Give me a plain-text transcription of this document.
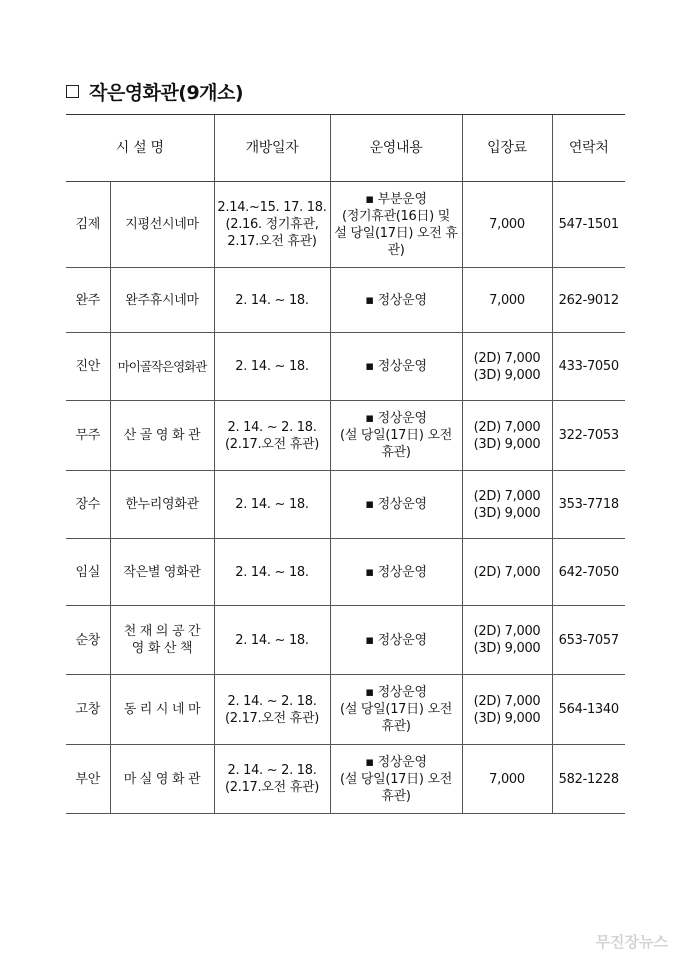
작은영화관(9개소)
시 설 명		개방일자	운영내용	입장료	연락처
김제	지평선시네마	2.14.~15. 17. 18.
(2.16. 정기휴관,
2.17.오전 휴관)	▪ 부분운영
(정기휴관(16日) 및
설 당일(17日) 오전 휴관)	7,000	547-1501
완주	완주휴시네마	2. 14. ~ 18.	▪ 정상운영	7,000	262-9012
진안	마이골작은영화관	2. 14. ~ 18.	▪ 정상운영	(2D) 7,000
(3D) 9,000	433-7050
무주	산 골 영 화 관	2. 14. ~ 2. 18.
(2.17.오전 휴관)	▪ 정상운영
(설 당일(17日) 오전 휴관)	(2D) 7,000
(3D) 9,000	322-7053
장수	한누리영화관	2. 14. ~ 18.	▪ 정상운영	(2D) 7,000
(3D) 9,000	353-7718
임실	작은별 영화관	2. 14. ~ 18.	▪ 정상운영	(2D) 7,000	642-7050
순창	천 재 의 공 간
영 화 산 책	2. 14. ~ 18.	▪ 정상운영	(2D) 7,000
(3D) 9,000	653-7057
고창	동 리 시 네 마	2. 14. ~ 2. 18.
(2.17.오전 휴관)	▪ 정상운영
(설 당일(17日) 오전 휴관)	(2D) 7,000
(3D) 9,000	564-1340
부안	마 실 영 화 관	2. 14. ~ 2. 18.
(2.17.오전 휴관)	▪ 정상운영
(설 당일(17日) 오전 휴관)	7,000	582-1228
무진장뉴스
